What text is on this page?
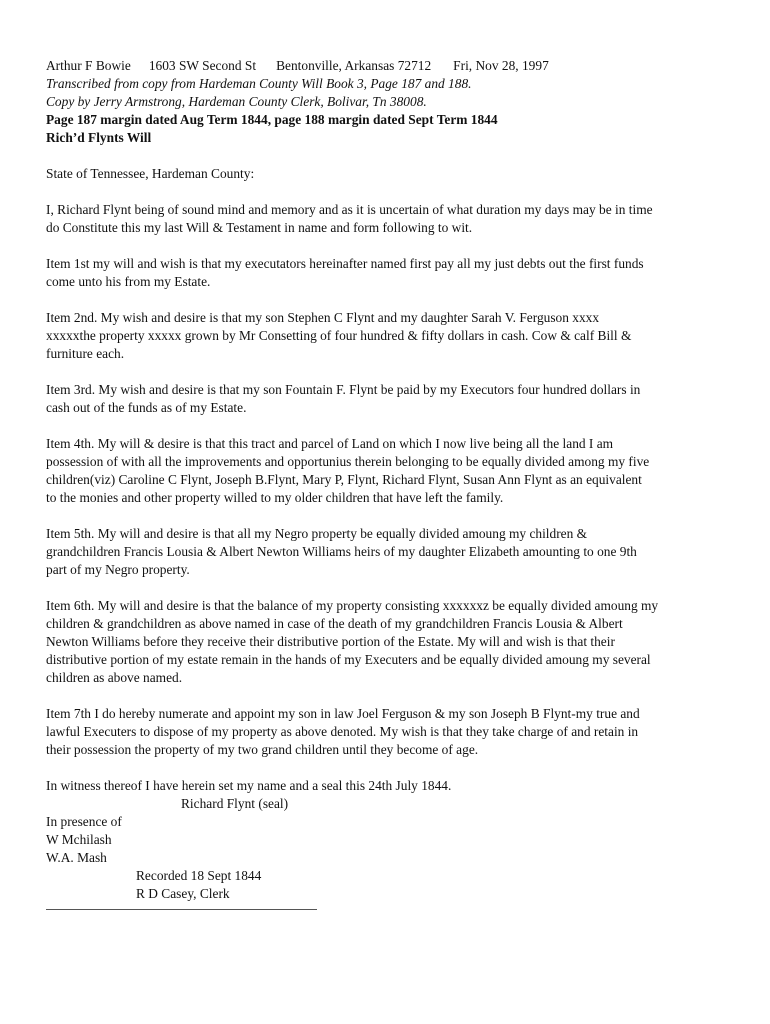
Arthur F Bowie 1603 SW Second St Bentonville, Arkansas 72712 Fri, Nov 28, 1997
Transcribed from copy from Hardeman County Will Book 3, Page 187 and 188.
Copy by Jerry Armstrong, Hardeman County Clerk, Bolivar, Tn 38008.
Page 187 margin dated Aug Term 1844, page 188 margin dated Sept Term 1844
Rich’d Flynts Will
State of Tennessee, Hardeman County:
I, Richard Flynt being of sound mind and memory and as it is uncertain of what duration my days may be in time
do Constitute this my last Will & Testament in name and form following to wit.
Item 1st my will and wish is that my executators hereinafter named first pay all my just debts out the first funds
come unto his from my Estate.
Item 2nd. My wish and desire is that my son Stephen C Flynt and my daughter Sarah V. Ferguson xxxx
xxxxxthe property xxxxx grown by Mr Consetting of four hundred & fifty dollars in cash. Cow & calf Bill &
furniture each.
Item 3rd. My wish and desire is that my son Fountain F. Flynt be paid by my Executors four hundred dollars in
cash out of the funds as of my Estate.
Item 4th. My will & desire is that this tract and parcel of Land on which I now live being all the land I am
possession of with all the improvements and opportunius therein belonging to be equally divided among my five
children(viz) Caroline C Flynt, Joseph B.Flynt, Mary P, Flynt, Richard Flynt, Susan Ann Flynt as an equivalent
to the monies and other property willed to my older children that have left the family.
Item 5th. My will and desire is that all my Negro property be equally divided amoung my children &
grandchildren Francis Lousia & Albert Newton Williams heirs of my daughter Elizabeth amounting to one 9th
part of my Negro property.
Item 6th. My will and desire is that the balance of my property consisting xxxxxxz be equally divided amoung my
children & grandchildren as above named in case of the death of my grandchildren Francis Lousia & Albert
Newton Williams before they receive their distributive portion of the Estate. My will and wish is that their
distributive portion of my estate remain in the hands of my Executers and be equally divided amoung my several
children as above named.
Item 7th I do hereby numerate and appoint my son in law Joel Ferguson & my son Joseph B Flynt-my true and
lawful Executers to dispose of my property as above denoted. My wish is that they take charge of and retain in
their possession the property of my two grand children until they become of age.
In witness thereof I have herein set my name and a seal this 24th July 1844.
Richard Flynt (seal)
In presence of
W Mchilash
W.A. Mash
Recorded 18 Sept 1844
R D Casey, Clerk
